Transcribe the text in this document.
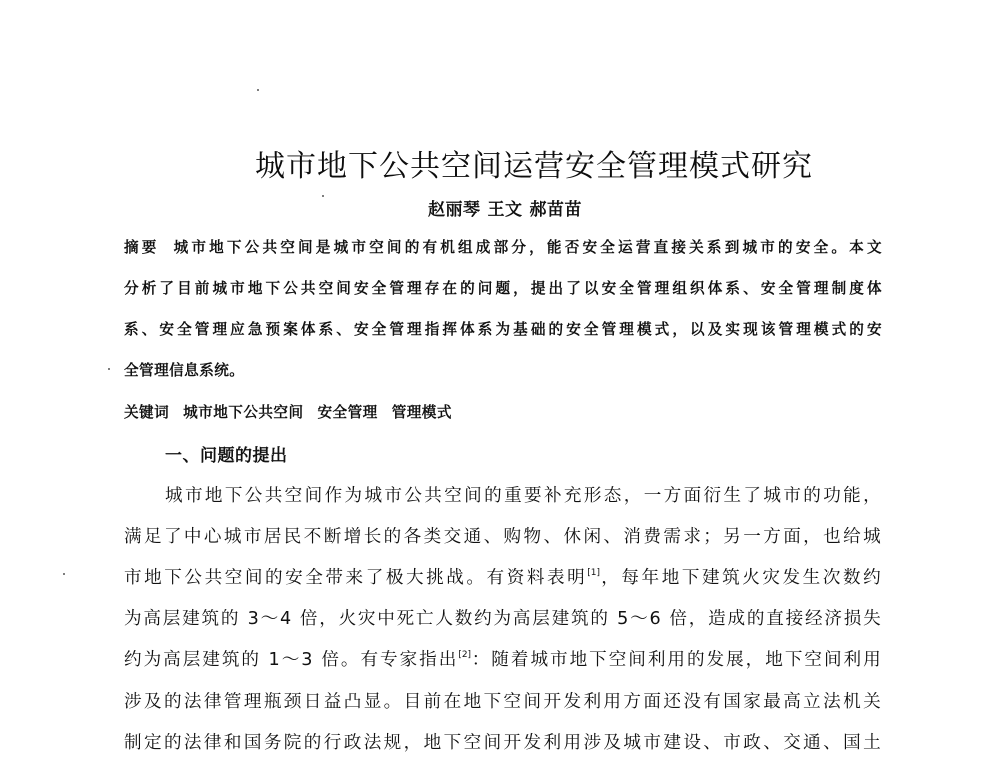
城市地下公共空间运营安全管理模式研究
赵丽琴 王文 郝苗苗
摘要 城市地下公共空间是城市空间的有机组成部分，能否安全运营直接关系到城市的安全。本文
分析了目前城市地下公共空间安全管理存在的问题，提出了以安全管理组织体系、安全管理制度体
系、安全管理应急预案体系、安全管理指挥体系为基础的安全管理模式，以及实现该管理模式的安
全管理信息系统。
关键词 城市地下公共空间 安全管理 管理模式
一、问题的提出
城市地下公共空间作为城市公共空间的重要补充形态，一方面衍生了城市的功能，
满足了中心城市居民不断增长的各类交通、购物、休闲、消费需求；另一方面，也给城
市地下公共空间的安全带来了极大挑战。有资料表明[1]，每年地下建筑火灾发生次数约
为高层建筑的 3～4 倍，火灾中死亡人数约为高层建筑的 5～6 倍，造成的直接经济损失
约为高层建筑的 1～3 倍。有专家指出[2]：随着城市地下空间利用的发展，地下空间利用
涉及的法律管理瓶颈日益凸显。目前在地下空间开发利用方面还没有国家最高立法机关
制定的法律和国务院的行政法规，地下空间开发利用涉及城市建设、市政、交通、国土
